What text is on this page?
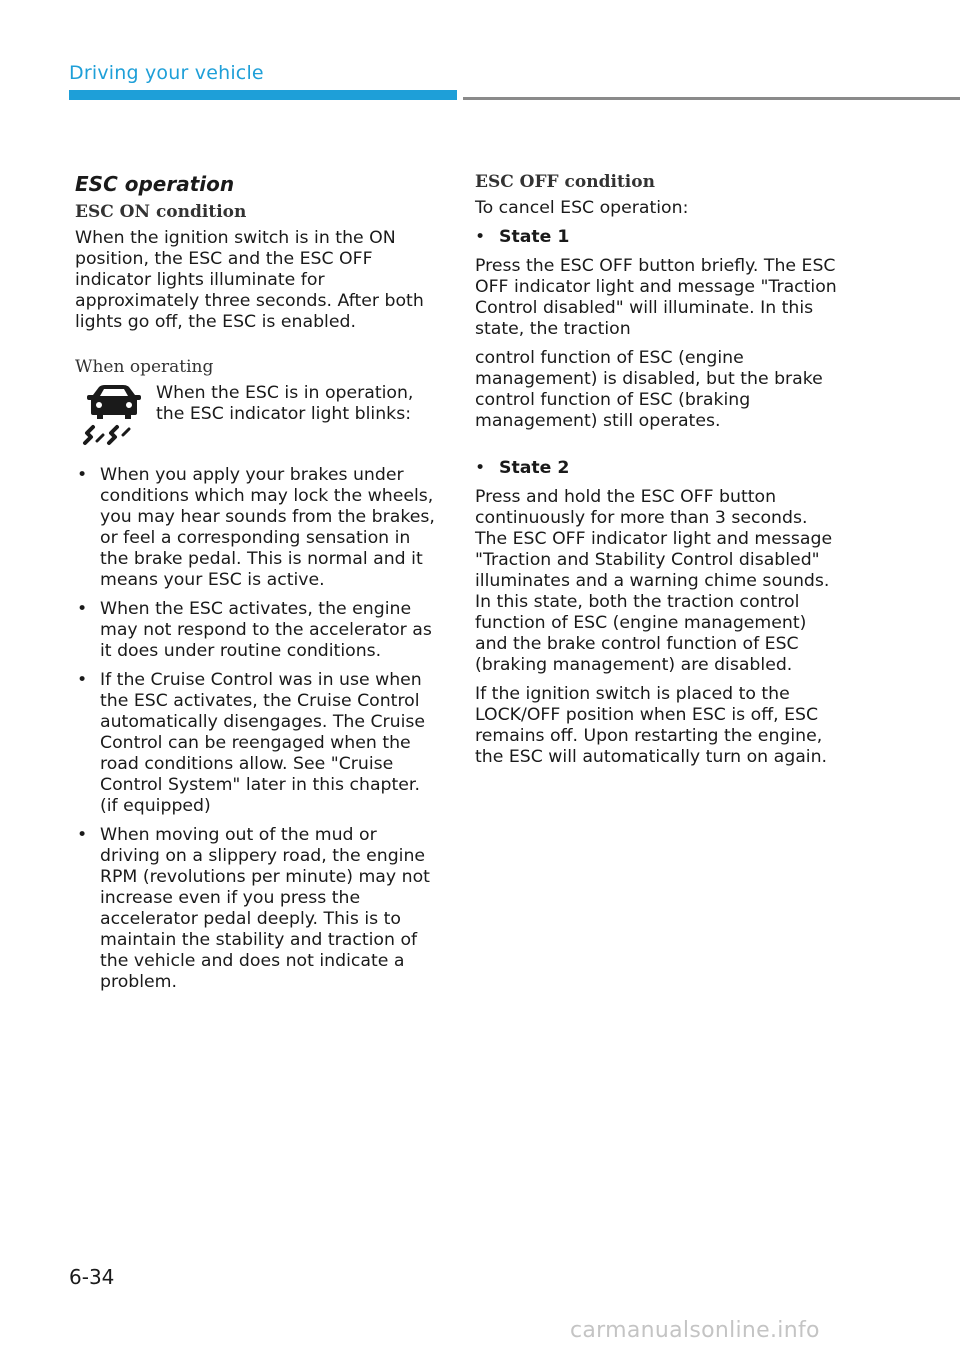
Driving your vehicle
ESC operation
ESC ON condition

When the ignition switch is in the ON position, the ESC and the ESC OFF indicator lights illuminate for approximately three seconds. After both lights go off, the ESC is enabled.

When operating
When the ESC is in operation, the ESC indicator light blinks:
• When you apply your brakes under conditions which may lock the wheels, you may hear sounds from the brakes, or feel a corresponding sensation in the brake pedal. This is normal and it means your ESC is active.
• When the ESC activates, the engine may not respond to the accelerator as it does under routine conditions.
• If the Cruise Control was in use when the ESC activates, the Cruise Control automatically disengages. The Cruise Control can be reengaged when the road conditions allow. See "Cruise Control System" later in this chapter. (if equipped)
• When moving out of the mud or driving on a slippery road, the engine RPM (revolutions per minute) may not increase even if you press the accelerator pedal deeply. This is to maintain the stability and traction of the vehicle and does not indicate a problem.
ESC OFF condition

To cancel ESC operation:

• State 1

Press the ESC OFF button briefly. The ESC OFF indicator light and message "Traction Control disabled" will illuminate. In this state, the traction

control function of ESC (engine management) is disabled, but the brake control function of ESC (braking management) still operates.

• State 2

Press and hold the ESC OFF button continuously for more than 3 seconds. The ESC OFF indicator light and message "Traction and Stability Control disabled" illuminates and a warning chime sounds. In this state, both the traction control function of ESC (engine management) and the brake control function of ESC (braking management) are disabled.

If the ignition switch is placed to the LOCK/OFF position when ESC is off, ESC remains off. Upon restarting the engine, the ESC will automatically turn on again.

6-34
carmanualsonline.info
